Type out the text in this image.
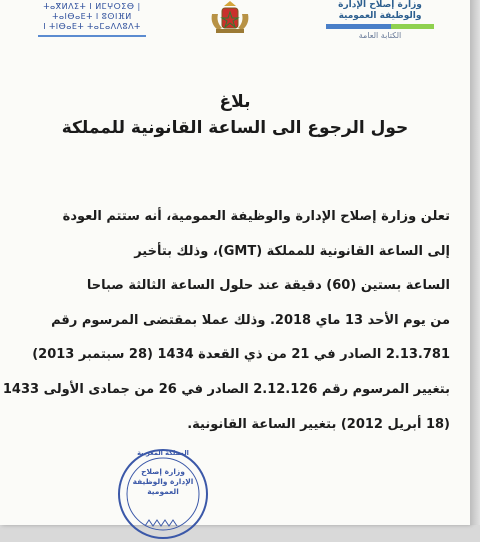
ⵜⴰⴳⵍⴷⵉⵜ ⵏ ⵍⵎⵖⵔⵉⴱ | ⵜⴰⵏⴱⴰⴹⵜ ⵏ ⵓⵙⵏⴼⵍ
ⵏ ⵜⵏⴱⴰⴹⵜ ⵜⴰⵎⴰⴷⴷⵓⴷⵜ
وزارة إصلاح الإدارة
والوظيفة العمومية
الكتابة العامة
بلاغ
حول الرجوع الى الساعة القانونية للمملكة
تعلن وزارة إصلاح الإدارة والوظيفة العمومية، أنه ستتم العودة
إلى الساعة القانونية للمملكة (GMT)، وذلك بتأخير
الساعة بستين (60) دقيقة عند حلول الساعة الثالثة صباحا
من يوم الأحد 13 ماي 2018. وذلك عملا بمقتضى المرسوم رقم
2.13.781 الصادر في 21 من ذي القعدة 1434 (28 سبتمبر 2013)
بتغيير المرسوم رقم 2.12.126 الصادر في 26 من جمادى الأولى 1433
(18 أبريل 2012) بتغيير الساعة القانونية.
المملكة المغربية
وزارة إصلاح
الإدارة والوظيفة
العمومية
